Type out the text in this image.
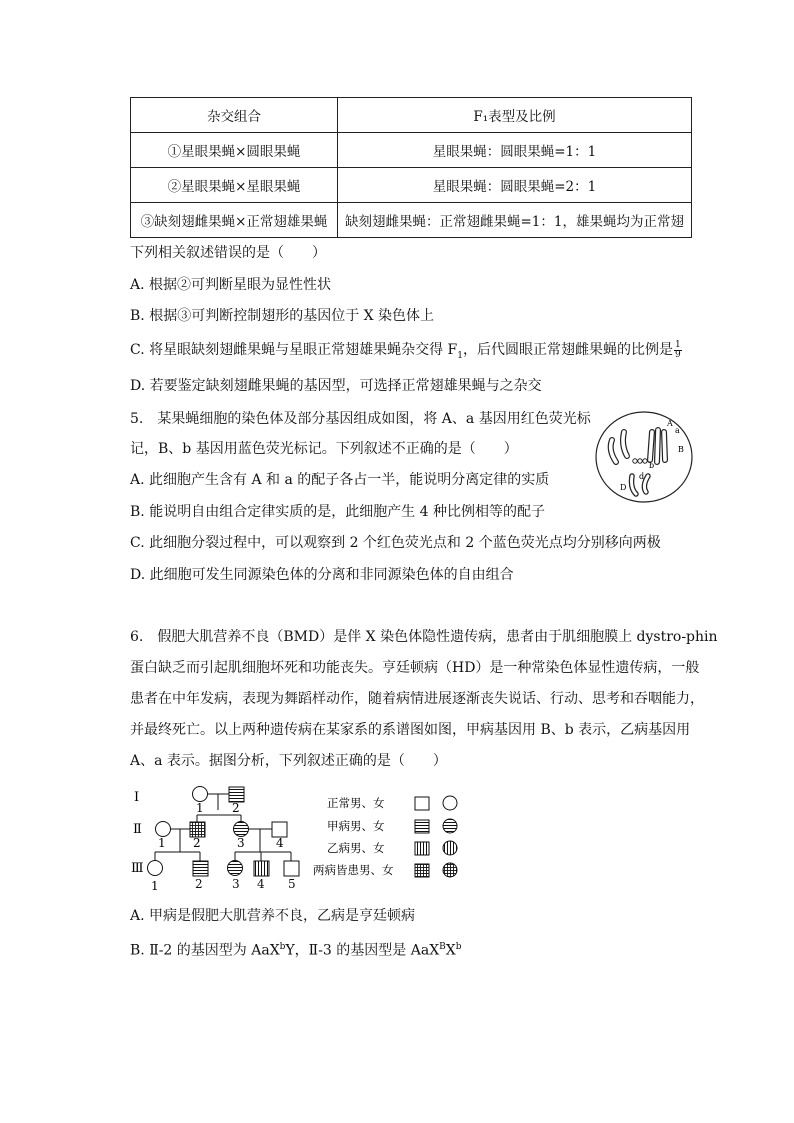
杂交组合	F₁表型及比例
①星眼果蝇×圆眼果蝇	星眼果蝇：圆眼果蝇=1：1
②星眼果蝇×星眼果蝇	星眼果蝇：圆眼果蝇=2：1
③缺刻翅雌果蝇×正常翅雄果蝇	缺刻翅雌果蝇：正常翅雌果蝇=1：1，雄果蝇均为正常翅
下列相关叙述错误的是（　　）
A. 根据②可判断星眼为显性性状
B. 根据③可判断控制翅形的基因位于 X 染色体上
C. 将星眼缺刻翅雌果蝇与星眼正常翅雄果蝇杂交得 $F_1$，后代圆眼正常翅雌果蝇的比例是 $\frac{1}{9}$
D. 若要鉴定缺刻翅雌果蝇的基因型，可选择正常翅雄果蝇与之杂交
5.　某果蝇细胞的染色体及部分基因组成如图，将 A、a 基因用红色荧光标
记，B、b 基因用蓝色荧光标记。下列叙述不正确的是（　　）
A. 此细胞产生含有 A 和 a 的配子各占一半，能说明分离定律的实质
B. 能说明自由组合定律实质的是，此细胞产生 4 种比例相等的配子
C. 此细胞分裂过程中，可以观察到 2 个红色荧光点和 2 个蓝色荧光点均分别移向两极
D. 此细胞可发生同源染色体的分离和非同源染色体的自由组合
A
a
B
b
D
d
6.　假肥大肌营养不良（BMD）是伴 X 染色体隐性遗传病，患者由于肌细胞膜上 dystro-phin
蛋白缺乏而引起肌细胞坏死和功能丧失。亨廷顿病（HD）是一种常染色体显性遗传病，一般
患者在中年发病，表现为舞蹈样动作，随着病情进展逐渐丧失说话、行动、思考和吞咽能力，
并最终死亡。以上两种遗传病在某家系的系谱图如图，甲病基因用 B、b 表示，乙病基因用
A、a 表示。据图分析，下列叙述正确的是（　　）
Ⅰ
Ⅱ
Ⅲ
1 2
1 2	3	4
1
正常男、女
甲病男、女
乙病男、女
两病皆患男、女
2 3 4 5
A. 甲病是假肥大肌营养不良，乙病是亨廷顿病
B. Ⅱ-2 的基因型为 AaX$^b$Y，Ⅱ-3 的基因型是 $AaX^BX^b$
